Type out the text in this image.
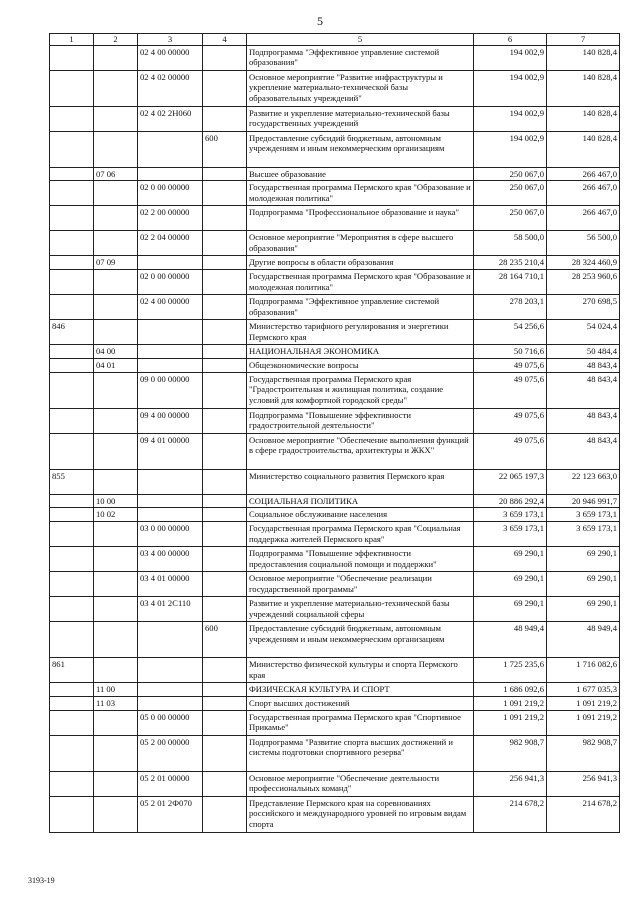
5
1	2	3	4	5	6	7
		02 4 00 00000		Подпрограмма "Эффективное управление системой образования"	194 002,9	140 828,4
		02 4 02 00000		Основное мероприятие "Развитие инфраструктуры и укрепление материально-технической базы образовательных учреждений"	194 002,9	140 828,4
		02 4 02 2Н060		Развитие и укрепление материально-технической базы государственных учреждений	194 002,9	140 828,4
			600	Предоставление субсидий бюджетным, автономным учреждениям и иным некоммерческим организациям	194 002,9	140 828,4
	07 06			Высшее образование	250 067,0	266 467,0
		02 0 00 00000		Государственная программа Пермского края "Образование и молодежная политика"	250 067,0	266 467,0
		02 2 00 00000		Подпрограмма "Профессиональное образование и наука"	250 067,0	266 467,0
		02 2 04 00000		Основное мероприятие "Мероприятия в сфере высшего образования"	58 500,0	56 500,0
	07 09			Другие вопросы в области образования	28 235 210,4	28 324 460,9
		02 0 00 00000		Государственная программа Пермского края "Образование и молодежная политика"	28 164 710,1	28 253 960,6
		02 4 00 00000		Подпрограмма "Эффективное управление системой образования"	278 203,1	270 698,5
846				Министерство тарифного регулирования и энергетики Пермского края	54 256,6	54 024,4
	04 00			НАЦИОНАЛЬНАЯ ЭКОНОМИКА	50 716,6	50 484,4
	04 01			Общеэкономические вопросы	49 075,6	48 843,4
		09 0 00 00000		Государственная программа Пермского края "Градостроительная и жилищная политика, создание условий для комфортной городской среды"	49 075,6	48 843,4
		09 4 00 00000		Подпрограмма "Повышение эффективности градостроительной деятельности"	49 075,6	48 843,4
		09 4 01 00000		Основное мероприятие "Обеспечение выполнения функций в сфере градостроительства, архитектуры и ЖКХ"	49 075,6	48 843,4
855				Министерство социального развития Пермского края	22 065 197,3	22 123 663,0
	10 00			СОЦИАЛЬНАЯ ПОЛИТИКА	20 886 292,4	20 946 991,7
	10 02			Социальное обслуживание населения	3 659 173,1	3 659 173,1
		03 0 00 00000		Государственная программа Пермского края "Социальная поддержка жителей Пермского края"	3 659 173,1	3 659 173,1
		03 4 00 00000		Подпрограмма "Повышение эффективности предоставления социальной помощи и поддержки"	69 290,1	69 290,1
		03 4 01 00000		Основное мероприятие "Обеспечение реализации государственной программы"	69 290,1	69 290,1
		03 4 01 2С110		Развитие и укрепление материально-технической базы учреждений социальной сферы	69 290,1	69 290,1
			600	Предоставление субсидий бюджетным, автономным учреждениям и иным некоммерческим организациям	48 949,4	48 949,4
861				Министерство физической культуры и спорта Пермского края	1 725 235,6	1 716 082,6
	11 00			ФИЗИЧЕСКАЯ КУЛЬТУРА И СПОРТ	1 686 092,6	1 677 035,3
	11 03			Спорт высших достижений	1 091 219,2	1 091 219,2
		05 0 00 00000		Государственная программа Пермского края "Спортивное Прикамье"	1 091 219,2	1 091 219,2
		05 2 00 00000		Подпрограмма "Развитие спорта высших достижений и системы подготовки спортивного резерва"	982 908,7	982 908,7
		05 2 01 00000		Основное мероприятие "Обеспечение деятельности профессиональных команд"	256 941,3	256 941,3
		05 2 01 2Ф070		Представление Пермского края на соревнованиях российского и международного уровней по игровым видам спорта	214 678,2	214 678,2
3193-19
